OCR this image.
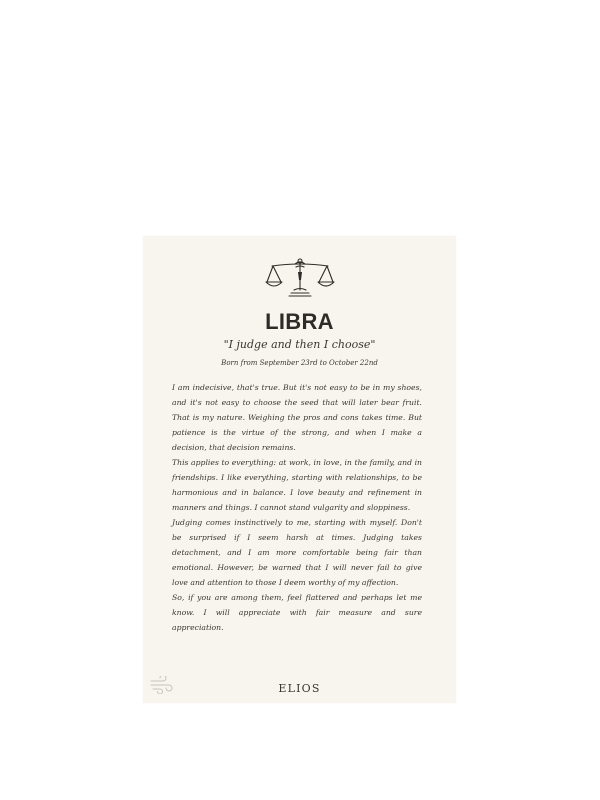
LIBRA
"I judge and then I choose"
Born from September 23rd to October 22nd

I am indecisive, that's true. But it's not easy to be in my shoes, and it's not easy to choose the seed that will later bear fruit. That is my nature. Weighing the pros and cons takes time. But patience is the virtue of the strong, and when I make a decision, that decision remains.

This applies to everything: at work, in love, in the family, and in friendships. I like everything, starting with relationships, to be harmonious and in balance. I love beauty and refinement in manners and things. I cannot stand vulgarity and sloppiness.

Judging comes instinctively to me, starting with myself. Don't be surprised if I seem harsh at times. Judging takes detachment, and I am more comfortable being fair than emotional. However, be warned that I will never fail to give love and attention to those I deem worthy of my affection.

So, if you are among them, feel flattered and perhaps let me know. I will appreciate with fair measure and sure appreciation.

ELIOS
